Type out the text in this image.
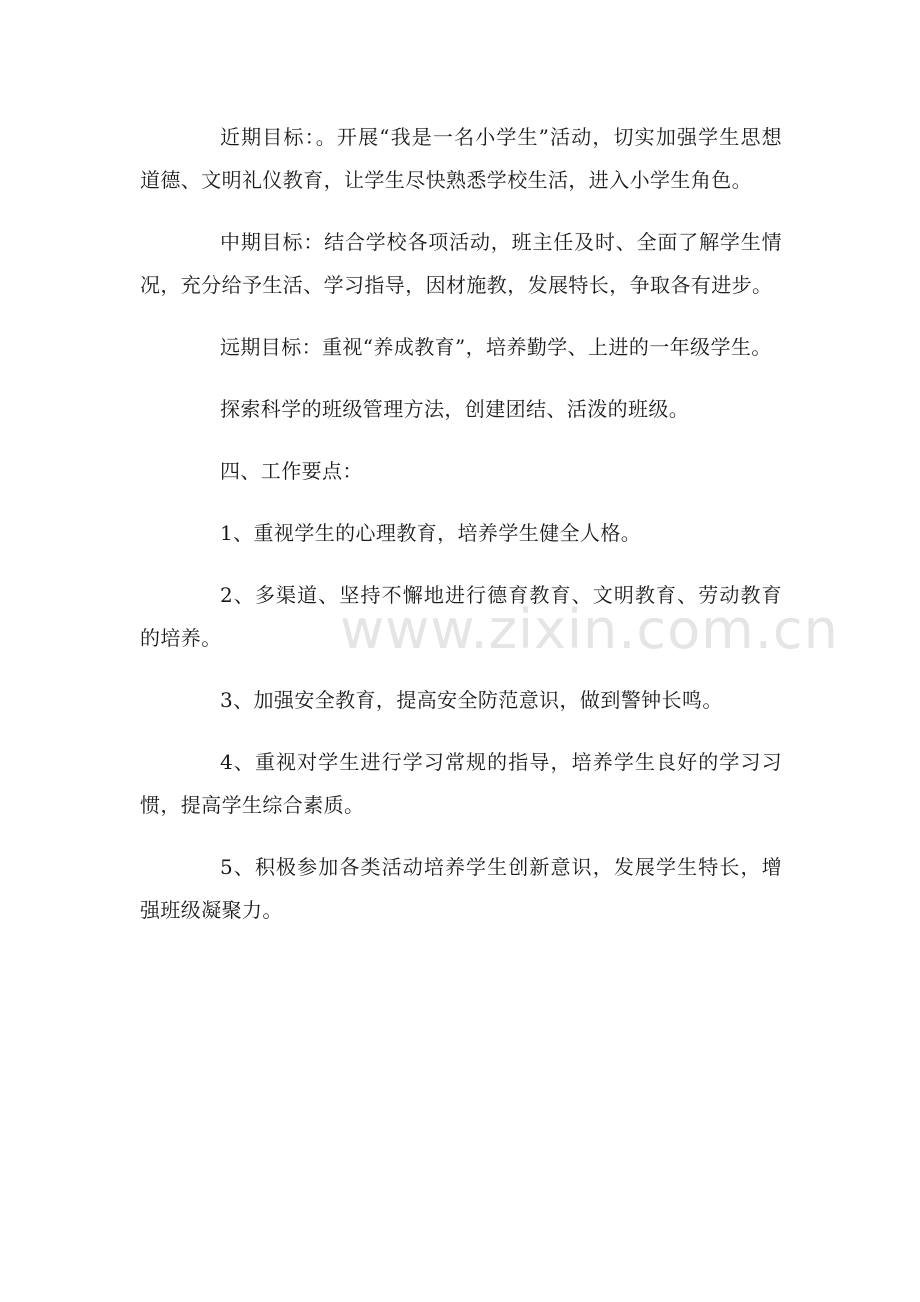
近期目标：。开展“我是一名小学生”活动，切实加强学生思想道德、文明礼仪教育，让学生尽快熟悉学校生活，进入小学生角色。

中期目标：结合学校各项活动，班主任及时、全面了解学生情况，充分给予生活、学习指导，因材施教，发展特长，争取各有进步。

远期目标：重视“养成教育”，培养勤学、上进的一年级学生。

探索科学的班级管理方法，创建团结、活泼的班级。

四、工作要点：

1、重视学生的心理教育，培养学生健全人格。

2、多渠道、坚持不懈地进行德育教育、文明教育、劳动教育的培养。

3、加强安全教育，提高安全防范意识，做到警钟长鸣。

4、重视对学生进行学习常规的指导，培养学生良好的学习习惯，提高学生综合素质。

5、积极参加各类活动培养学生创新意识，发展学生特长，增强班级凝聚力。

www.zixin.com.cn
